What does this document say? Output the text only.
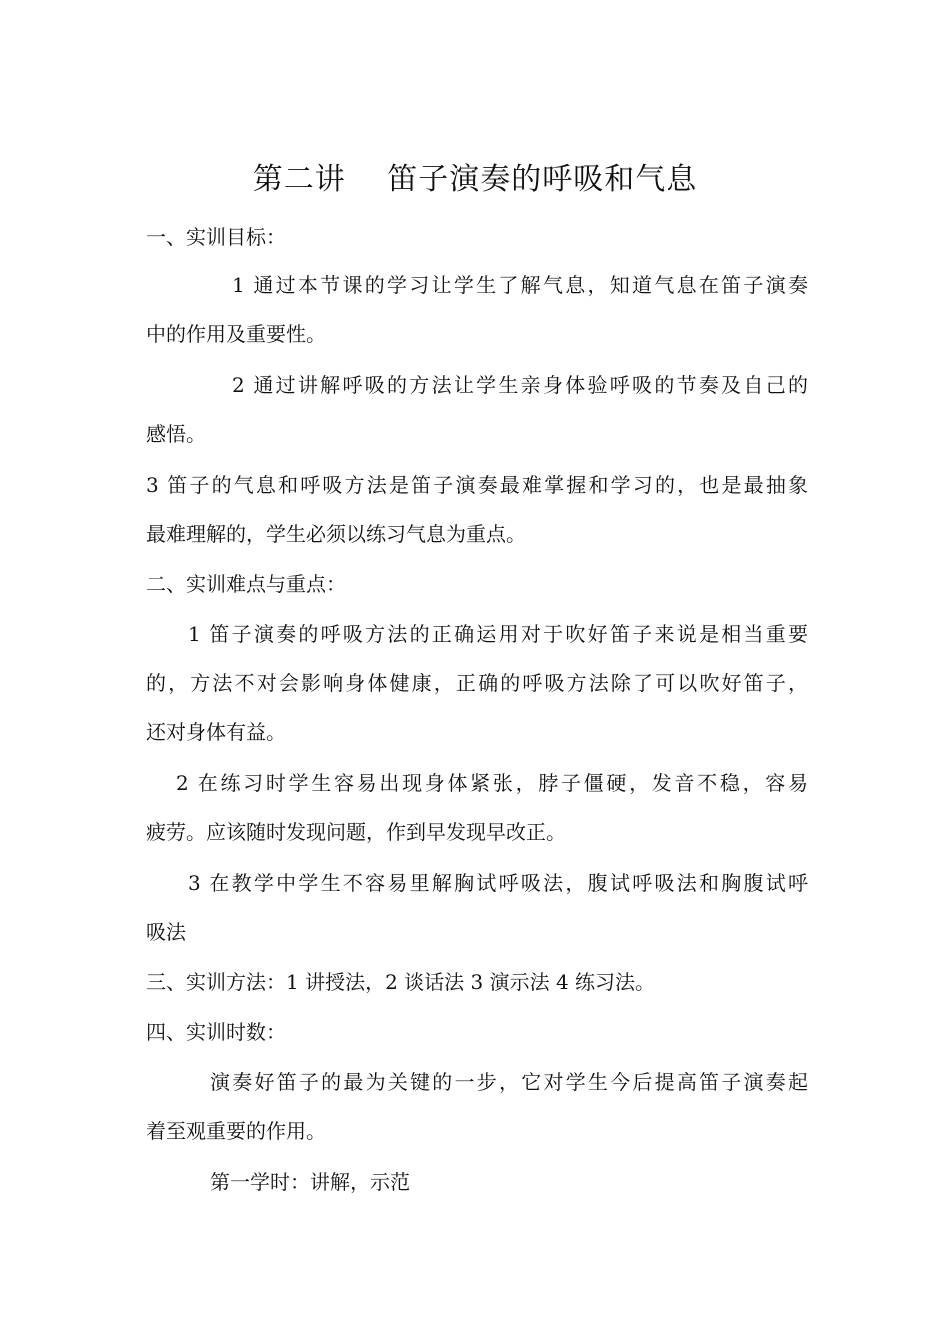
第二讲　 笛子演奏的呼吸和气息
一、实训目标：
1 通过本节课的学习让学生了解气息，知道气息在笛子演奏
中的作用及重要性。
2 通过讲解呼吸的方法让学生亲身体验呼吸的节奏及自己的
感悟。
3 笛子的气息和呼吸方法是笛子演奏最难掌握和学习的，也是最抽象
最难理解的，学生必须以练习气息为重点。
二、实训难点与重点：
1 笛子演奏的呼吸方法的正确运用对于吹好笛子来说是相当重要
的，方法不对会影响身体健康，正确的呼吸方法除了可以吹好笛子，
还对身体有益。
2 在练习时学生容易出现身体紧张，脖子僵硬，发音不稳，容易
疲劳。应该随时发现问题，作到早发现早改正。
3 在教学中学生不容易里解胸试呼吸法，腹试呼吸法和胸腹试呼
吸法
三、实训方法：1 讲授法，2 谈话法 3 演示法 4 练习法。
四、实训时数：
演奏好笛子的最为关键的一步，它对学生今后提高笛子演奏起
着至观重要的作用。
第一学时：讲解，示范
